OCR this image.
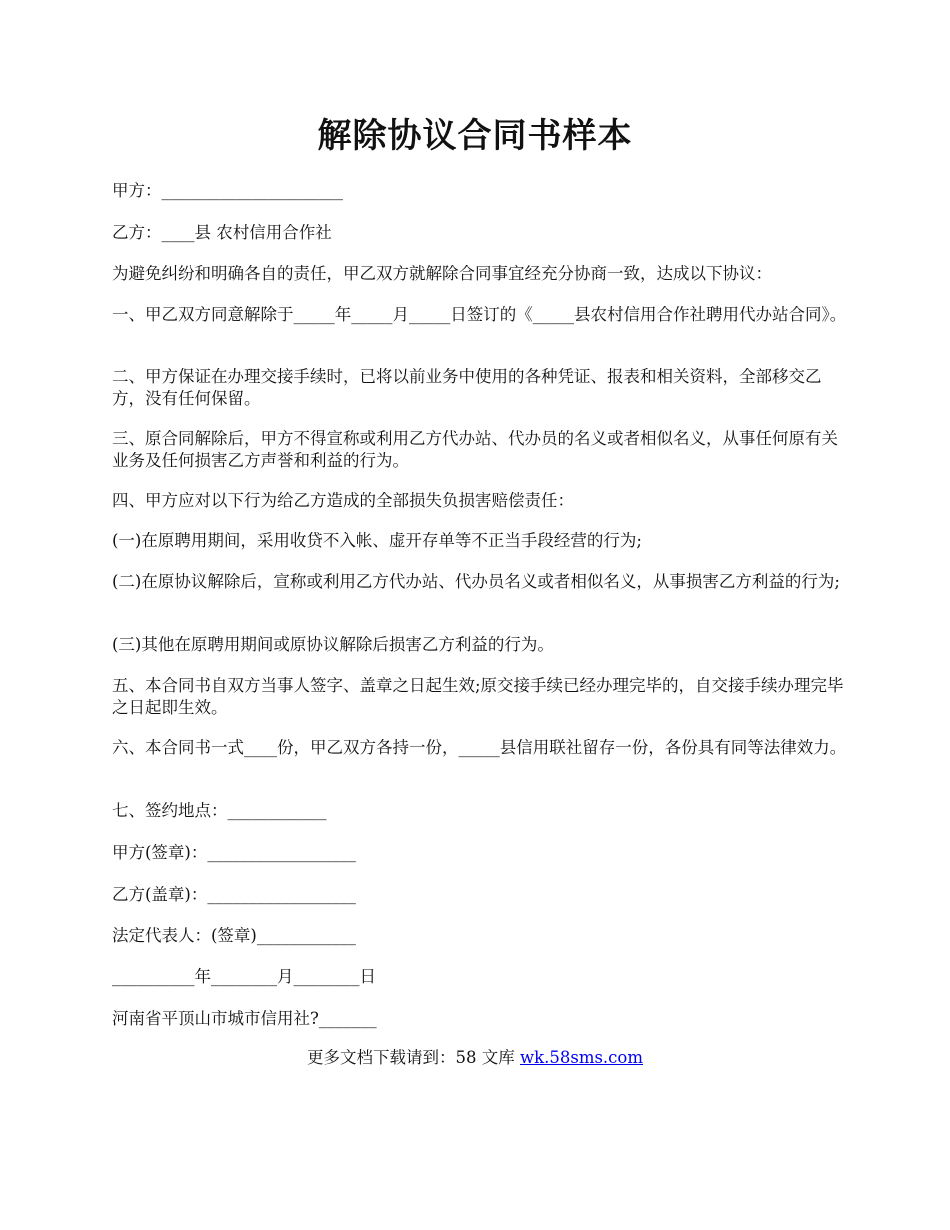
解除协议合同书样本

甲方：______________________

乙方：____县 农村信用合作社

为避免纠纷和明确各自的责任，甲乙双方就解除合同事宜经充分协商一致，达成以下协议：

一、甲乙双方同意解除于_____年_____月_____日签订的《_____县农村信用合作社聘用代办站合同》。

二、甲方保证在办理交接手续时，已将以前业务中使用的各种凭证、报表和相关资料，全部移交乙方，没有任何保留。

三、原合同解除后，甲方不得宣称或利用乙方代办站、代办员的名义或者相似名义，从事任何原有关业务及任何损害乙方声誉和利益的行为。

四、甲方应对以下行为给乙方造成的全部损失负损害赔偿责任：

(一)在原聘用期间，采用收贷不入帐、虚开存单等不正当手段经营的行为;

(二)在原协议解除后，宣称或利用乙方代办站、代办员名义或者相似名义，从事损害乙方利益的行为;

(三)其他在原聘用期间或原协议解除后损害乙方利益的行为。

五、本合同书自双方当事人签字、盖章之日起生效;原交接手续已经办理完毕的，自交接手续办理完毕之日起即生效。

六、本合同书一式____份，甲乙双方各持一份，_____县信用联社留存一份，各份具有同等法律效力。

七、签约地点：____________

甲方(签章)：__________________

乙方(盖章)：__________________

法定代表人：(签章)____________

__________年________月________日

河南省平顶山市城市信用社?_______

更多文档下载请到：58 文库 wk.58sms.com
